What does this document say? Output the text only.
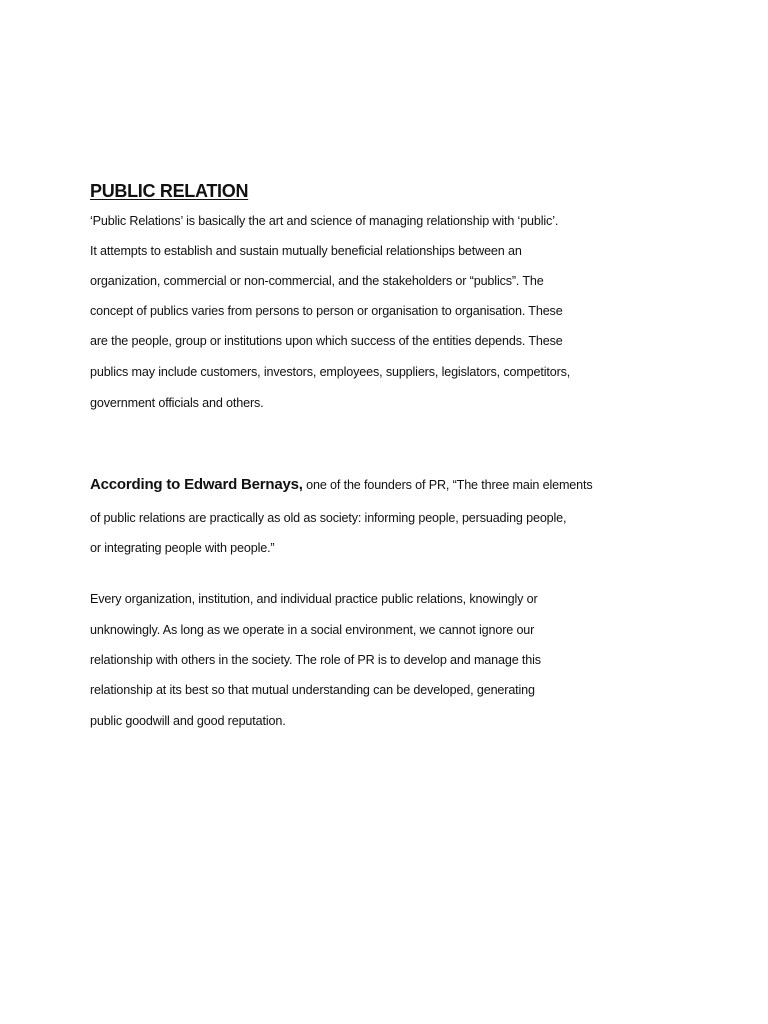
PUBLIC RELATION
‘Public Relations’ is basically the art and science of managing relationship with ‘public’.
It attempts to establish and sustain mutually beneficial relationships between an
organization, commercial or non-commercial, and the stakeholders or “publics”. The
concept of publics varies from persons to person or organisation to organisation. These
are the people, group or institutions upon which success of the entities depends. These
publics may include customers, investors, employees, suppliers, legislators, competitors,
government officials and others.
According to Edward Bernays, one of the founders of PR, “The three main elements
of public relations are practically as old as society: informing people, persuading people,
or integrating people with people.”
Every organization, institution, and individual practice public relations, knowingly or
unknowingly. As long as we operate in a social environment, we cannot ignore our
relationship with others in the society. The role of PR is to develop and manage this
relationship at its best so that mutual understanding can be developed, generating
public goodwill and good reputation.
